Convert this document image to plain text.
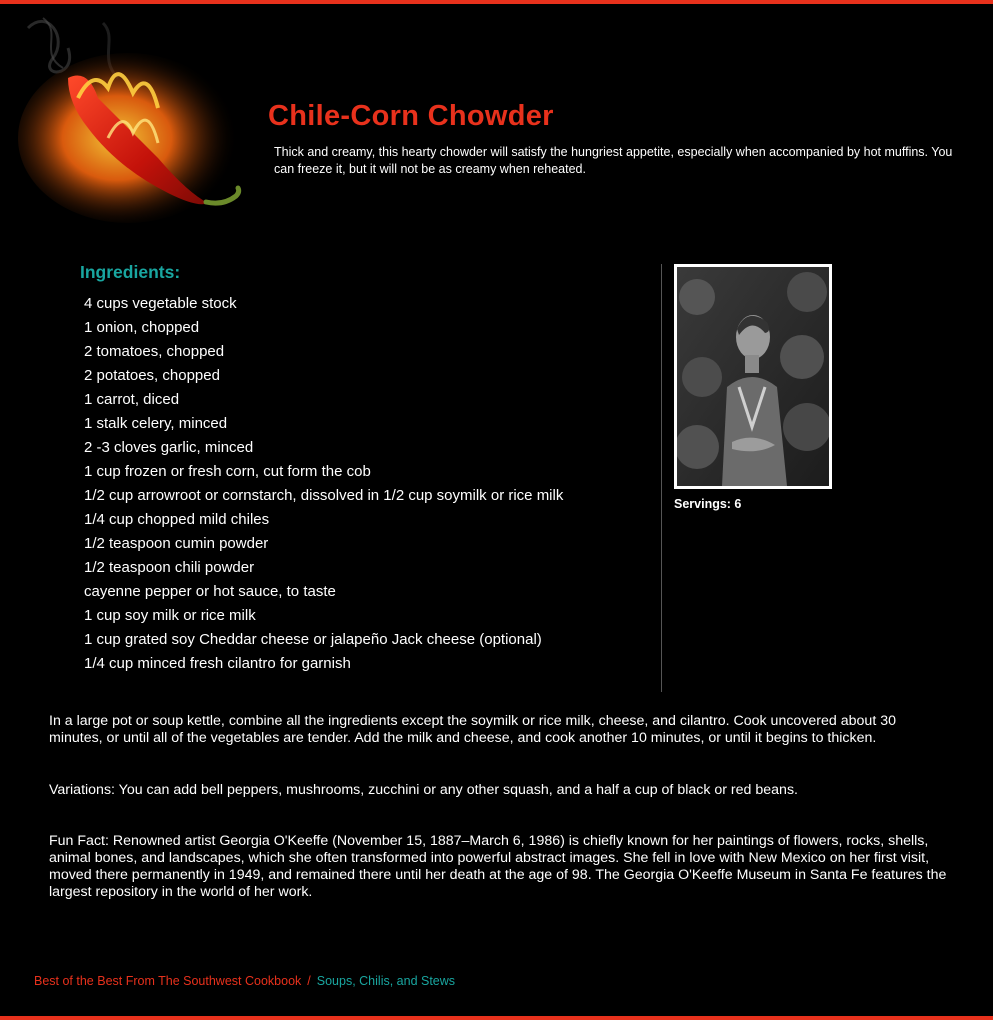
Chile-Corn Chowder

Thick and creamy, this hearty chowder will satisfy the hungriest appetite, especially when accompanied by hot muffins. You can freeze it, but it will not be as creamy when reheated.

Ingredients:
4 cups vegetable stock
1 onion, chopped
2 tomatoes, chopped
2 potatoes, chopped
1 carrot, diced
1 stalk celery, minced
2 -3 cloves garlic, minced
1 cup frozen or fresh corn, cut form the cob
1/2 cup arrowroot or cornstarch, dissolved in 1/2 cup soymilk or rice milk
1/4 cup chopped mild chiles
1/2 teaspoon cumin powder
1/2 teaspoon chili powder
cayenne pepper or hot sauce, to taste
1 cup soy milk or rice milk
1 cup grated soy Cheddar cheese or jalapeño Jack cheese (optional)
1/4 cup minced fresh cilantro for garnish

Servings: 6

In a large pot or soup kettle, combine all the ingredients except the soymilk or rice milk, cheese, and cilantro. Cook uncovered about 30 minutes, or until all of the vegetables are tender. Add the milk and cheese, and cook another 10 minutes, or until it begins to thicken.

Variations: You can add bell peppers, mushrooms, zucchini or any other squash, and a half a cup of black or red beans.

Fun Fact: Renowned artist Georgia O'Keeffe (November 15, 1887–March 6, 1986) is chiefly known for her paintings of flowers, rocks, shells, animal bones, and landscapes, which she often transformed into powerful abstract images. She fell in love with New Mexico on her first visit, moved there permanently in 1949, and remained there until her death at the age of 98. The Georgia O'Keeffe Museum in Santa Fe features the largest repository in the world of her work.

Best of the Best From The Southwest Cookbook / Soups, Chilis, and Stews
